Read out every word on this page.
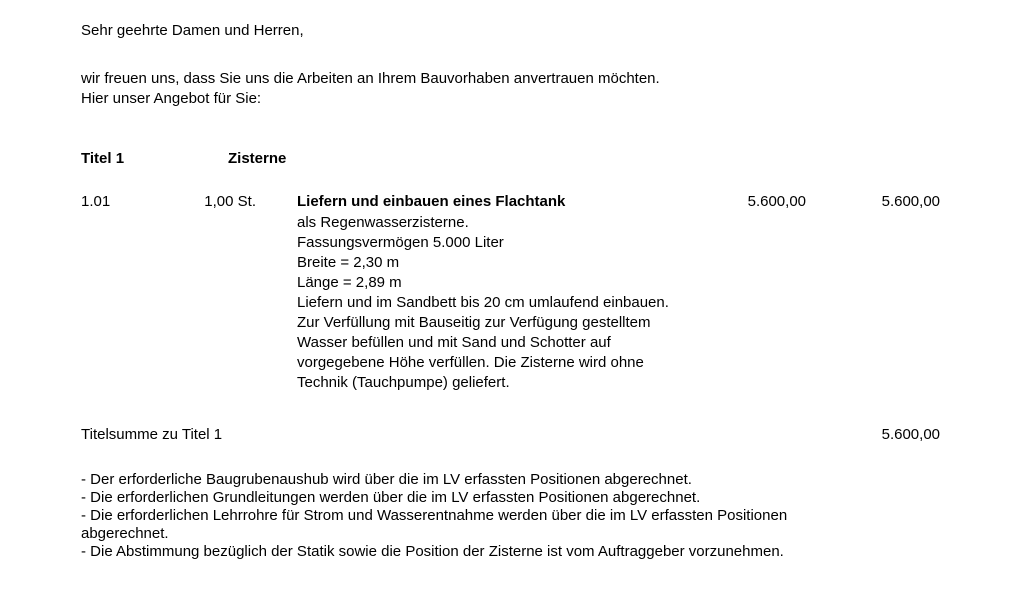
Sehr geehrte Damen und Herren,
wir freuen uns, dass Sie uns die Arbeiten an Ihrem Bauvorhaben anvertrauen möchten.
Hier unser Angebot für Sie:
Titel 1	Zisterne
1.01	1,00 St.	Liefern und einbauen eines Flachtank	5.600,00	5.600,00
als Regenwasserzisterne.
Fassungsvermögen 5.000 Liter
Breite = 2,30 m
Länge = 2,89 m
Liefern und im Sandbett bis 20 cm umlaufend einbauen.
Zur Verfüllung mit Bauseitig zur Verfügung gestelltem
Wasser befüllen und mit Sand und Schotter auf
vorgegebene Höhe verfüllen. Die Zisterne wird ohne
Technik (Tauchpumpe) geliefert.
Titelsumme zu Titel 1	5.600,00
- Der erforderliche Baugrubenaushub wird über die im LV erfassten Positionen abgerechnet.
- Die erforderlichen Grundleitungen werden über die im LV erfassten Positionen abgerechnet.
- Die erforderlichen Lehrrohre für Strom und Wasserentnahme werden über die im LV erfassten Positionen
abgerechnet.
- Die Abstimmung bezüglich der Statik sowie die Position der Zisterne ist vom Auftraggeber vorzunehmen.
